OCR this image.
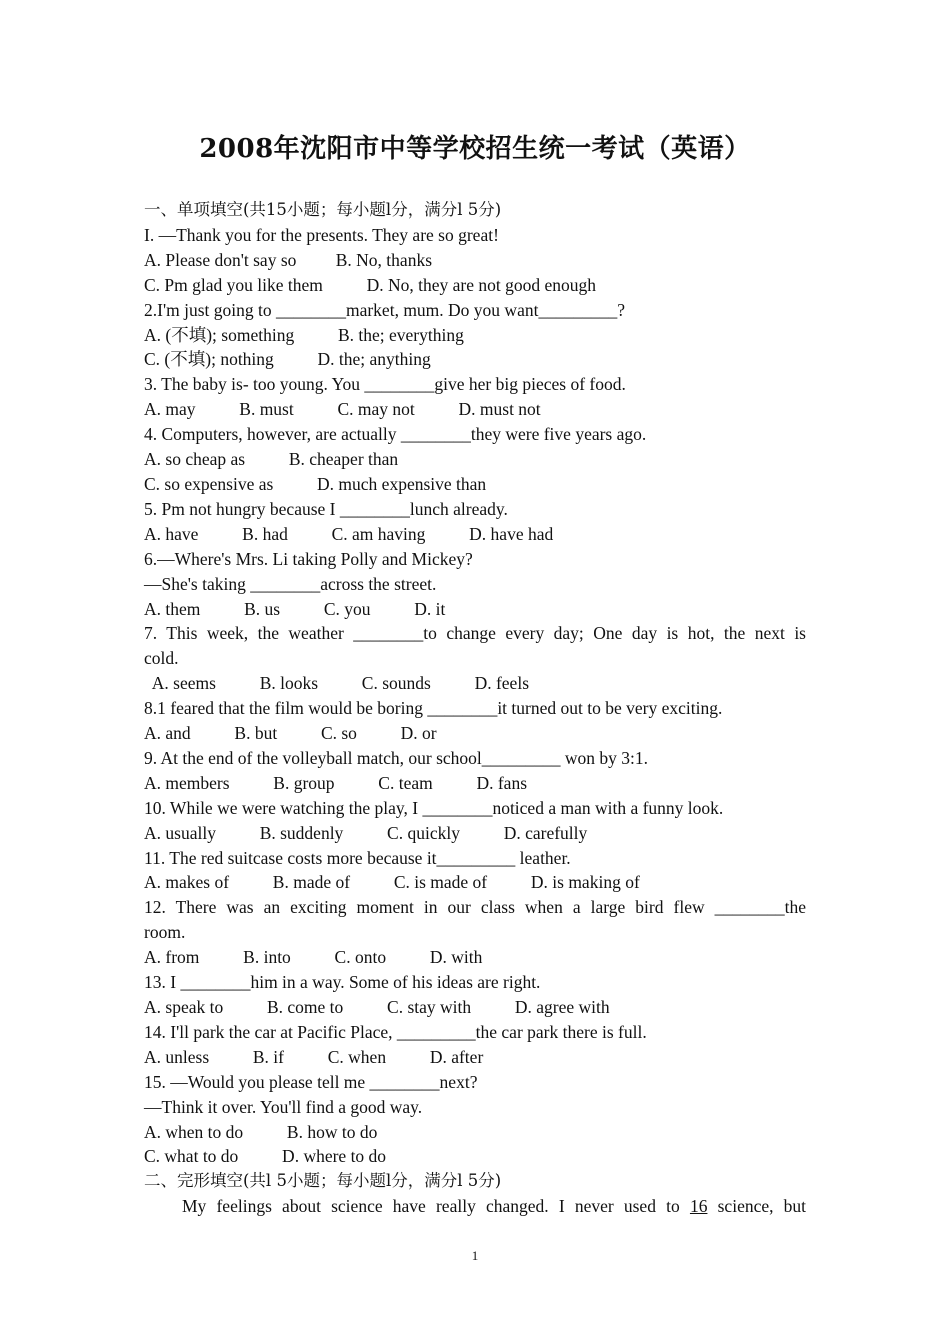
2008年沈阳市中等学校招生统一考试（英语）
一、单项填空(共15小题；每小题l分，满分l 5分)
I. —Thank you for the presents. They are so great!
A. Please don't say so         B. No, thanks
C. Pm glad you like them          D. No, they are not good enough
2.I'm just going to ________market, mum. Do you want_________?
A. (不填); something          B. the; everything
C. (不填); nothing          D. the; anything
3. The baby is- too young. You ________give her big pieces of food.
A. may          B. must          C. may not          D. must not
4. Computers, however, are actually ________they were five years ago.
A. so cheap as          B. cheaper than
C. so expensive as          D. much expensive than
5. Pm not hungry because I ________lunch already.
A. have          B. had          C. am having          D. have had
6.—Where's Mrs. Li taking Polly and Mickey?
—She's taking ________across the street.
A. them          B. us          C. you          D. it
7. This week, the weather ________to change every day; One day is hot, the next is
cold.
A. seems          B. looks          C. sounds          D. feels
8.1 feared that the film would be boring ________it turned out to be very exciting.
A. and          B. but          C. so          D. or
9. At the end of the volleyball match, our school_________ won by 3:1.
A. members          B. group          C. team          D. fans
10. While we were watching the play, I ________noticed a man with a funny look.
A. usually          B. suddenly          C. quickly          D. carefully
11. The red suitcase costs more because it_________ leather.
A. makes of          B. made of          C. is made of          D. is making of
12. There was an exciting moment in our class when a large bird flew ________the
room.
A. from          B. into          C. onto          D. with
13. I ________him in a way. Some of his ideas are right.
A. speak to          B. come to          C. stay with          D. agree with
14. I'll park the car at Pacific Place, _________the car park there is full.
A. unless          B. if          C. when          D. after
15. —Would you please tell me ________next?
—Think it over. You'll find a good way.
A. when to do          B. how to do
C. what to do          D. where to do
二、完形填空(共l 5小题；每小题l分，满分l 5分)
My feelings about science have really changed. I never used to 16 science, but
1
